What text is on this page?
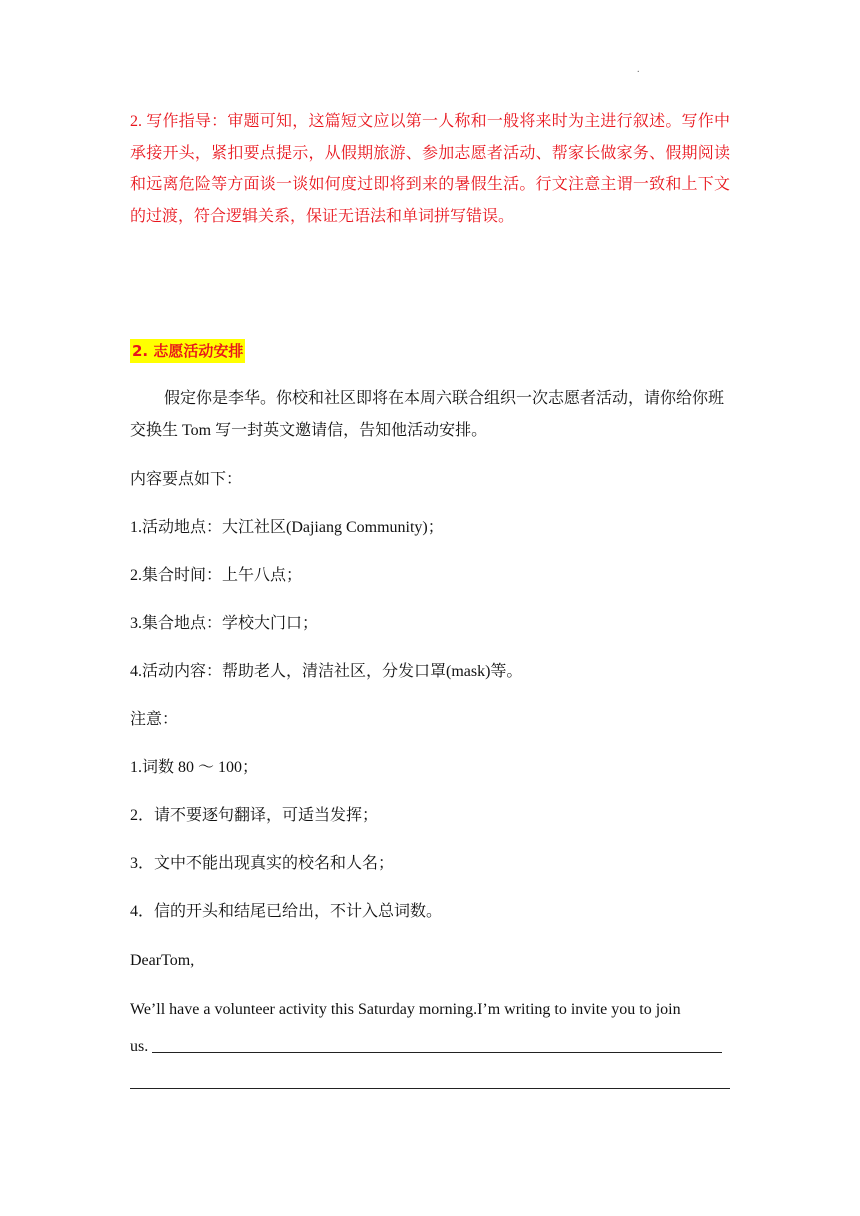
.
2. 写作指导：审题可知，这篇短文应以第一人称和一般将来时为主进行叙述。写作中承接开头，紧扣要点提示，从假期旅游、参加志愿者活动、帮家长做家务、假期阅读和远离危险等方面谈一谈如何度过即将到来的暑假生活。行文注意主谓一致和上下文的过渡，符合逻辑关系，保证无语法和单词拼写错误。
2. 志愿活动安排
假定你是李华。你校和社区即将在本周六联合组织一次志愿者活动，请你给你班交换生 Tom 写一封英文邀请信，告知他活动安排。
内容要点如下：
1.活动地点：大江社区(Dajiang Community)；
2.集合时间：上午八点；
3.集合地点：学校大门口；
4.活动内容：帮助老人，清洁社区，分发口罩(mask)等。
注意：
1.词数 80 ～ 100；
2．请不要逐句翻译，可适当发挥；
3．文中不能出现真实的校名和人名；
4．信的开头和结尾已给出，不计入总词数。
DearTom,
We’ll have a volunteer activity this Saturday morning.I’m writing to invite you to join
us.
